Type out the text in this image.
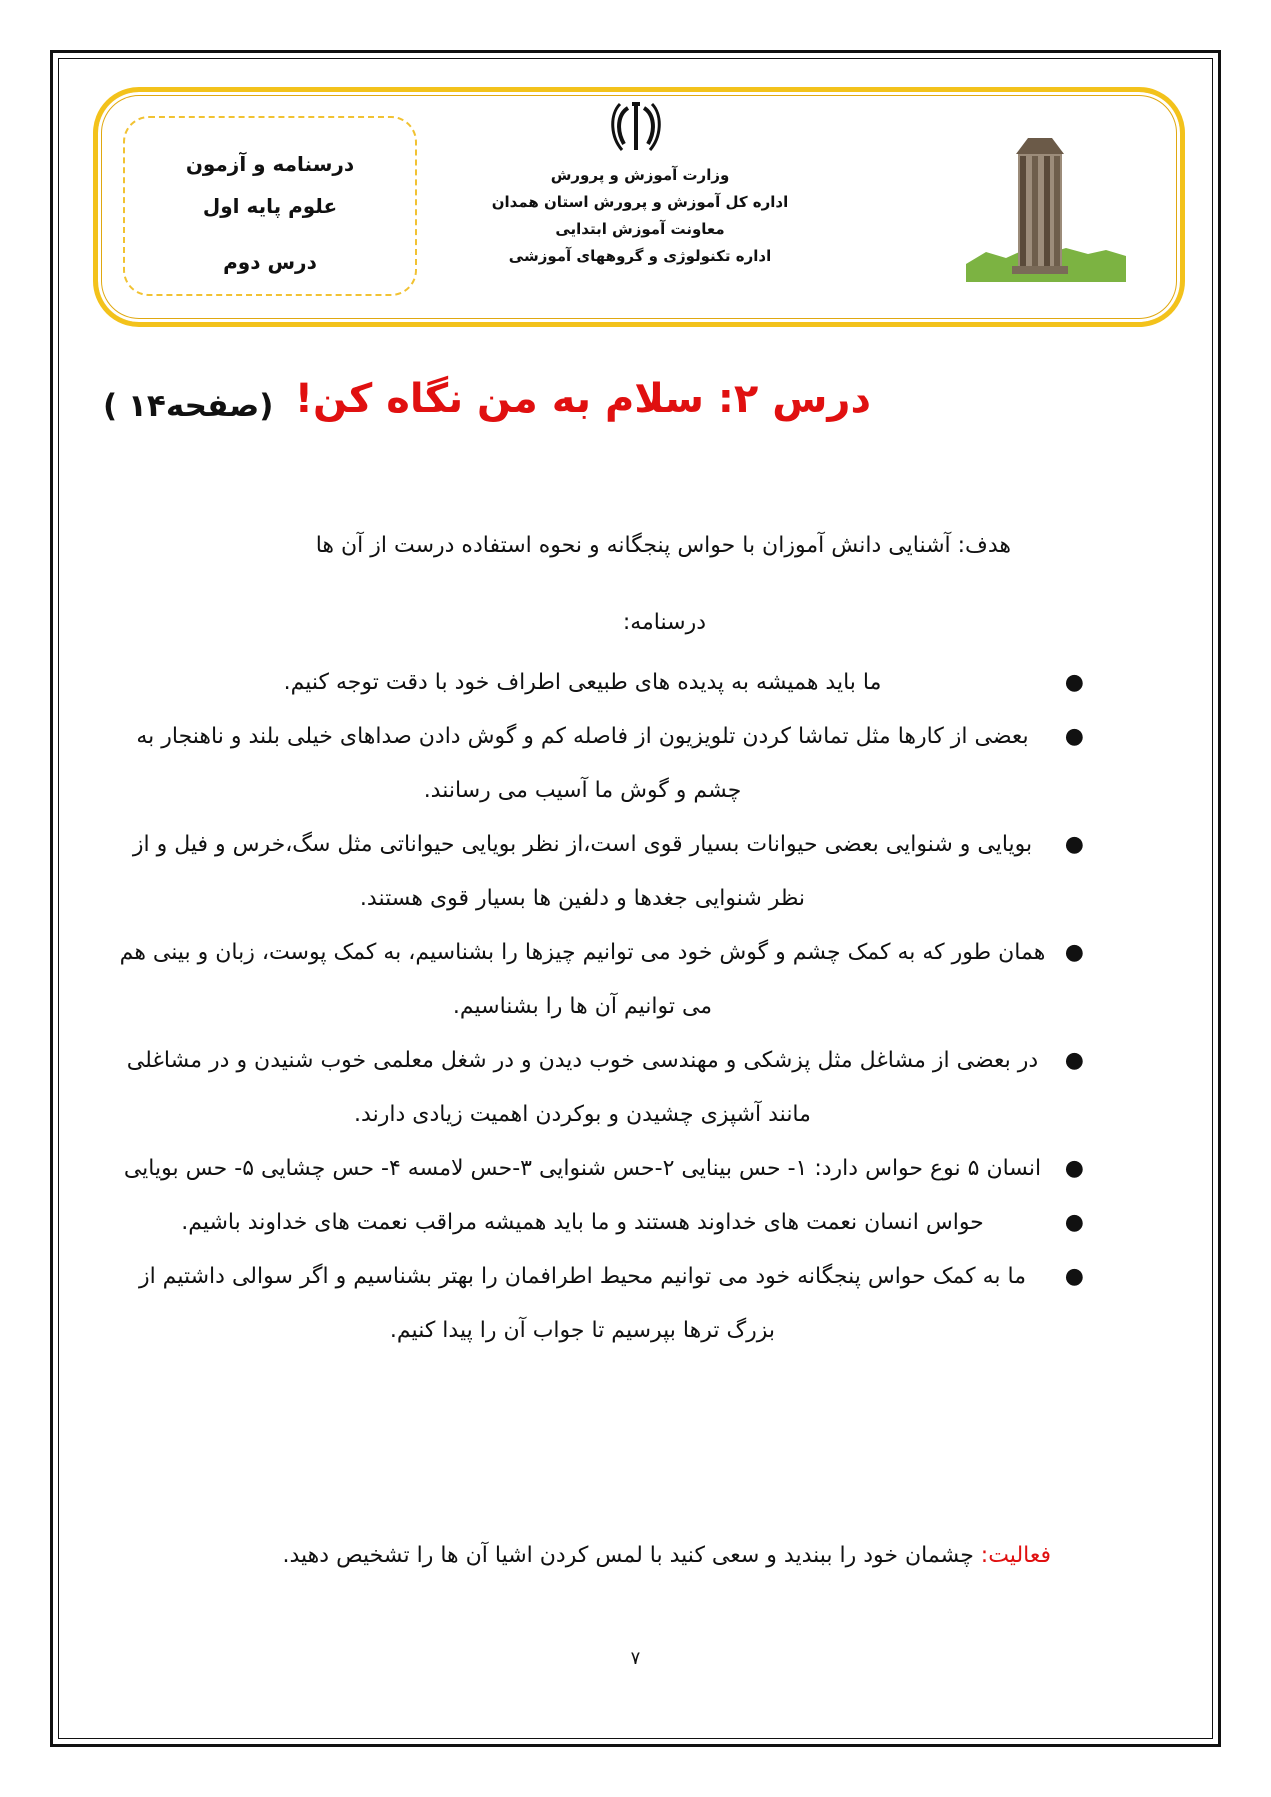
درسنامه و آزمون
علوم پایه اول
درس دوم
وزارت آموزش و پرورش
اداره کل آموزش و پرورش استان همدان
معاونت آموزش ابتدایی
اداره تکنولوژی و گروههای آموزشی
درس ۲: سلام به من نگاه کن!
(صفحه۱۴ )
هدف: آشنایی دانش آموزان با حواس پنجگانه و نحوه استفاده درست از آن ها
درسنامه:
●
ما باید همیشه به پدیده های طبیعی اطراف خود با دقت توجه کنیم.
●
بعضی از کارها مثل تماشا کردن تلویزیون از فاصله کم و گوش دادن صداهای خیلی بلند و ناهنجار به چشم و گوش ما آسیب می رسانند.
●
بویایی و شنوایی بعضی حیوانات بسیار قوی است،از نظر بویایی حیواناتی مثل سگ،خرس و فیل و از نظر شنوایی جغدها و دلفین ها بسیار قوی هستند.
●
همان طور که به کمک چشم و گوش خود می توانیم چیزها را بشناسیم، به کمک پوست، زبان و بینی هم می توانیم آن ها را بشناسیم.
●
در بعضی از مشاغل مثل پزشکی و مهندسی خوب دیدن و در شغل معلمی خوب شنیدن و در مشاغلی مانند آشپزی چشیدن و بوکردن اهمیت زیادی دارند.
●
انسان ۵ نوع حواس دارد: ۱- حس بینایی ۲-حس شنوایی ۳-حس لامسه ۴- حس چشایی ۵- حس بویایی
●
حواس انسان نعمت های خداوند هستند و ما باید همیشه مراقب نعمت های خداوند باشیم.
●
ما به کمک حواس پنجگانه خود می توانیم محیط اطرافمان را بهتر بشناسیم و اگر سوالی داشتیم از بزرگ ترها بپرسیم تا جواب آن را پیدا کنیم.
فعالیت: چشمان خود را ببندید و سعی کنید با لمس کردن اشیا آن ها را تشخیص دهید.
۷
